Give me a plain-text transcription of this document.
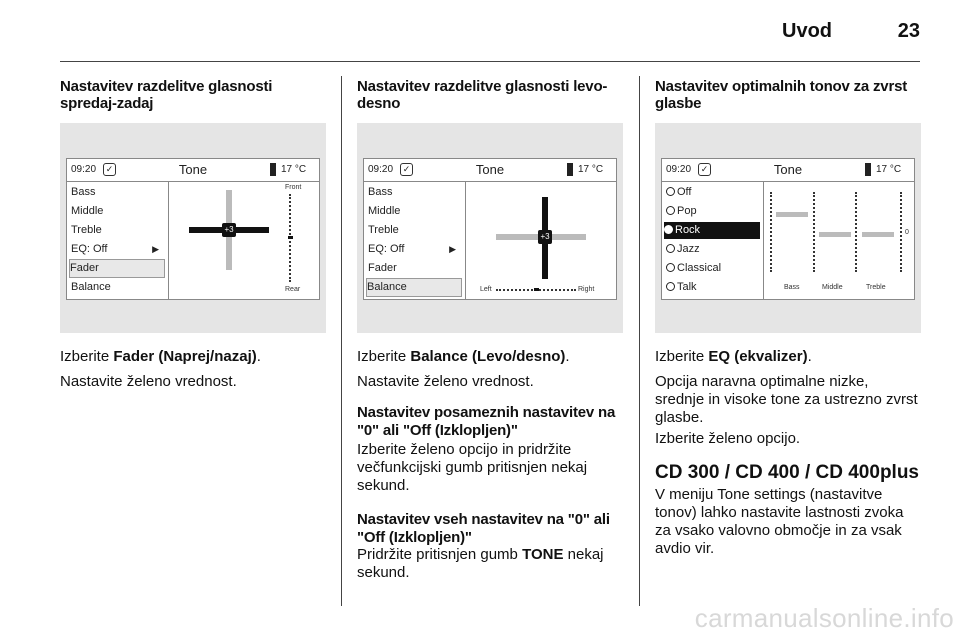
Uvod	23
Nastavitev razdelitve glasnosti spredaj-zadaj
Nastavitev razdelitve glasnosti levo-desno
Nastavitev optimalnih tonov za zvrst glasbe
09:20	✓	Tone	17 °C
Bass
Middle
Treble
EQ: Off	▶
Fader
Balance
+3
Front
Rear
09:20	✓	Tone	17 °C
Bass
Middle
Treble
EQ: Off	▶
Fader
Balance
+3
Left	Right
09:20	✓	Tone	17 °C
Off
Pop
Rock
Jazz
Classical
Talk
0
Bass	Middle	Treble
Izberite Fader (Naprej/nazaj).
Nastavite želeno vrednost.
Izberite Balance (Levo/desno).
Nastavite želeno vrednost.
Nastavitev posameznih nastavitev na "0" ali "Off (Izklopljen)"
Izberite želeno opcijo in pridržite večfunkcijski gumb pritisnjen nekaj sekund.
Nastavitev vseh nastavitev na "0" ali "Off (Izklopljen)"
Pridržite pritisnjen gumb TONE nekaj sekund.
Izberite EQ (ekvalizer).
Opcija naravna optimalne nizke, srednje in visoke tone za ustrezno zvrst glasbe.
Izberite želeno opcijo.
CD 300 / CD 400 / CD 400plus
V meniju Tone settings (nastavitve tonov) lahko nastavite lastnosti zvoka za vsako valovno območje in za vsak avdio vir.
carmanualsonline.info
